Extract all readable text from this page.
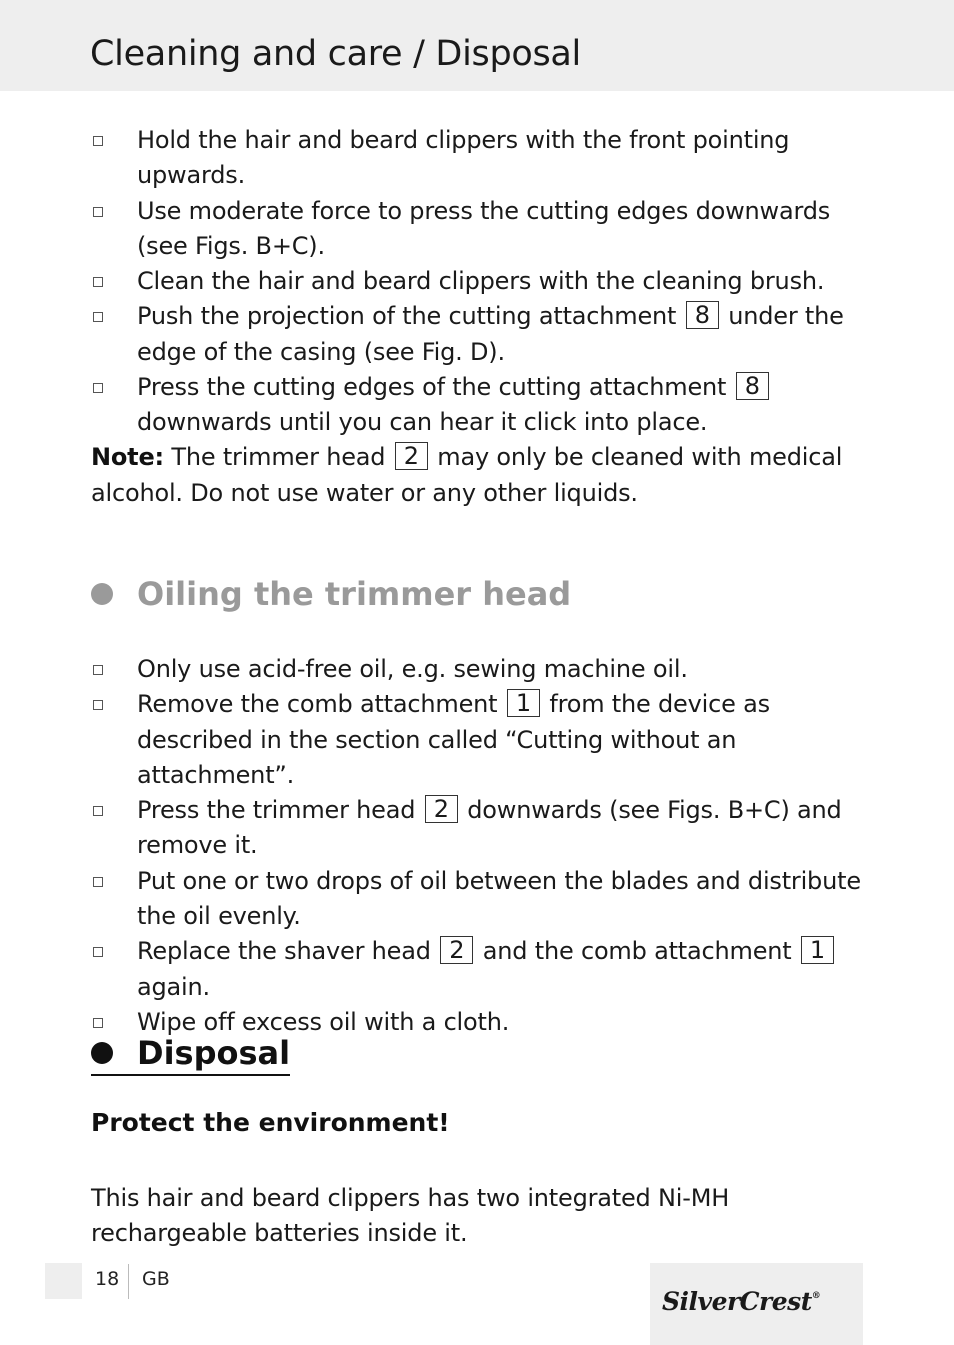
Cleaning and care / Disposal
Hold the hair and beard clippers with the front pointing upwards.
Use moderate force to press the cutting edges downwards (see Figs. B+C).
Clean the hair and beard clippers with the cleaning brush.
Push the projection of the cutting attachment 8 under the edge of the casing (see Fig. D).
Press the cutting edges of the cutting attachment 8 downwards until you can hear it click into place.

Note: The trimmer head 2 may only be cleaned with medical alcohol. Do not use water or any other liquids.

Oiling the trimmer head
Only use acid-free oil, e.g. sewing machine oil.
Remove the comb attachment 1 from the device as described in the section called “Cutting without an attachment”.
Press the trimmer head 2 downwards (see Figs. B+C) and remove it.
Put one or two drops of oil between the blades and distribute the oil evenly.
Replace the shaver head 2 and the comb attachment 1 again.
Wipe off excess oil with a cloth.
Disposal
Protect the environment!

This hair and beard clippers has two integrated Ni-MH rechargeable batteries inside it.

18 GB
SilverCrest®
